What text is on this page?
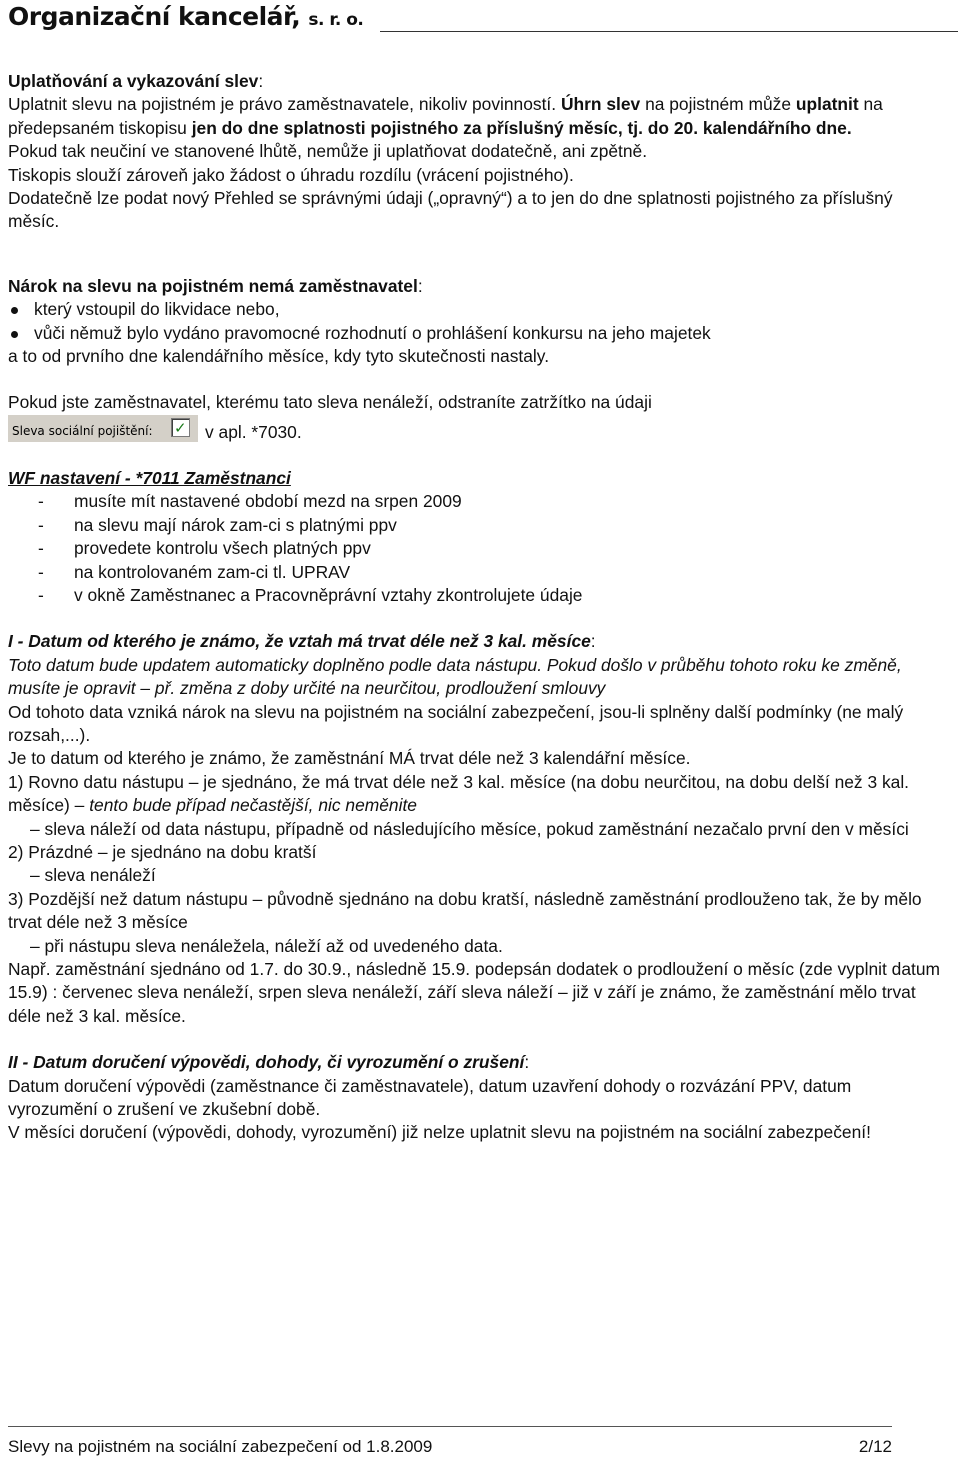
Organizační kancelář, s. r. o.

Uplatňování a vykazování slev:

Uplatnit slevu na pojistném je právo zaměstnavatele, nikoliv povinností. Úhrn slev na pojistném může uplatnit na předepsaném tiskopisu jen do dne splatnosti pojistného za příslušný měsíc, tj. do 20. kalendářního dne.

Pokud tak neučiní ve stanovené lhůtě, nemůže ji uplatňovat dodatečně, ani zpětně.

Tiskopis slouží zároveň jako žádost o úhradu rozdílu (vrácení pojistného).

Dodatečně lze podat nový Přehled se správnými údaji („opravný“) a to jen do dne splatnosti pojistného za příslušný měsíc.

Nárok na slevu na pojistném nemá zaměstnavatel:

který vstoupil do likvidace nebo,
vůči němuž bylo vydáno pravomocné rozhodnutí o prohlášení konkursu na jeho majetek

a to od prvního dne kalendářního měsíce, kdy tyto skutečnosti nastaly.

Pokud jste zaměstnavatel, kterému tato sleva nenáleží, odstraníte zatržítko na údaji

Sleva sociální pojištění: ✓ v apl. *7030.

WF nastavení - *7011 Zaměstnanci

- musíte mít nastavené období mezd na srpen 2009
- na slevu mají nárok zam-ci s platnými ppv
- provedete kontrolu všech platných ppv
- na kontrolovaném zam-ci tl. UPRAV
- v okně Zaměstnanec a Pracovněprávní vztahy zkontrolujete údaje

I - Datum od kterého je známo, že vztah má trvat déle než 3 kal. měsíce:

Toto datum bude updatem automaticky doplněno podle data nástupu. Pokud došlo v průběhu tohoto roku ke změně, musíte je opravit – př. změna z doby určité na neurčitou, prodloužení smlouvy

Od tohoto data vzniká nárok na slevu na pojistném na sociální zabezpečení, jsou-li splněny další podmínky (ne malý rozsah,...).

Je to datum od kterého je známo, že zaměstnání MÁ trvat déle než 3 kalendářní měsíce.

1) Rovno datu nástupu – je sjednáno, že má trvat déle než 3 kal. měsíce (na dobu neurčitou, na dobu delší než 3 kal. měsíce) – tento bude případ nečastější, nic neměnite

– sleva náleží od data nástupu, případně od následujícího měsíce, pokud zaměstnání nezačalo první den v měsíci

2) Prázdné – je sjednáno na dobu kratší

– sleva nenáleží

3) Pozdější než datum nástupu – původně sjednáno na dobu kratší, následně zaměstnání prodlouženo tak, že by mělo trvat déle než 3 měsíce

– při nástupu sleva nenáležela, náleží až od uvedeného data.

Např. zaměstnání sjednáno od 1.7. do 30.9., následně 15.9. podepsán dodatek o prodloužení o měsíc (zde vyplnit datum 15.9) : červenec sleva nenáleží, srpen sleva nenáleží, září sleva náleží – již v září je známo, že zaměstnání mělo trvat déle než 3 kal. měsíce.

II - Datum doručení výpovědi, dohody, či vyrozumění o zrušení:

Datum doručení výpovědi (zaměstnance či zaměstnavatele), datum uzavření dohody o rozvázání PPV, datum vyrozumění o zrušení ve zkušební době.

V měsíci doručení (výpovědi, dohody, vyrozumění) již nelze uplatnit slevu na pojistném na sociální zabezpečení!

Slevy na pojistném na sociální zabezpečení od 1.8.2009	2/12
